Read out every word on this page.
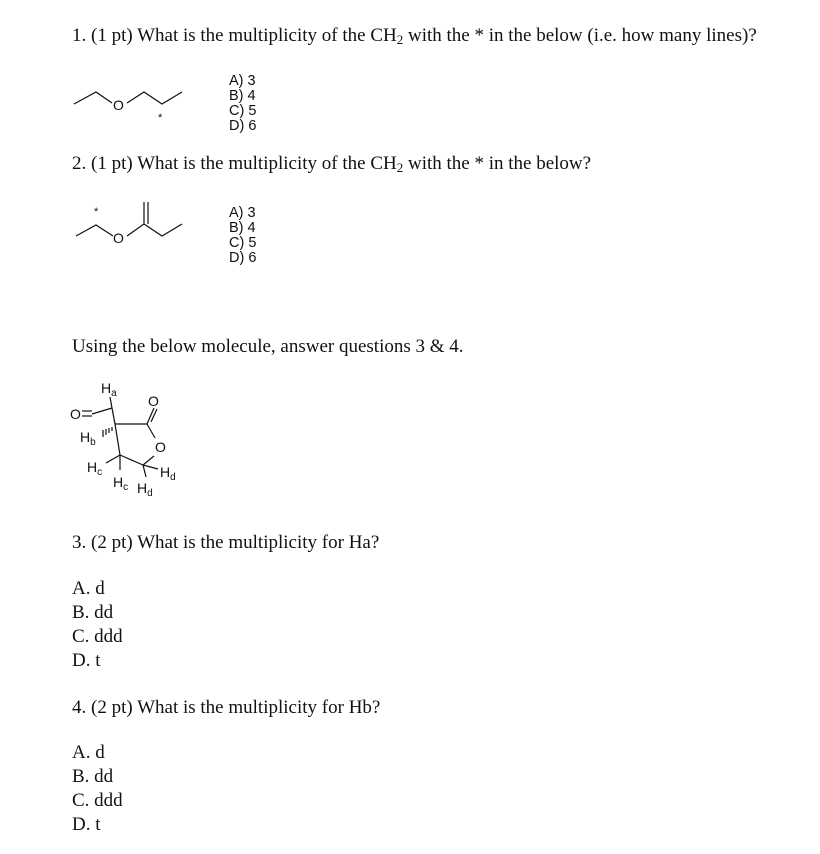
1. (1 pt) What is the multiplicity of the $CH_2$ with the * in the below (i.e. how many lines)?
O
*
A) 3
B) 4
C) 5
D) 6
2. (1 pt) What is the multiplicity of the $CH_2$ with the * in the below?
O
*	A) 3
B) 4
C) 5
D) 6
Using the below molecule, answer questions 3 & 4.
$H_a$ O
O
$H_b$	O
$H_c$
$H_c$
$H_d$
$H_d$
3. (2 pt) What is the multiplicity for Ha?
A. d
B. dd
C. ddd
D. t
4. (2 pt) What is the multiplicity for Hb?
A. d
B. dd
C. ddd
D. t
